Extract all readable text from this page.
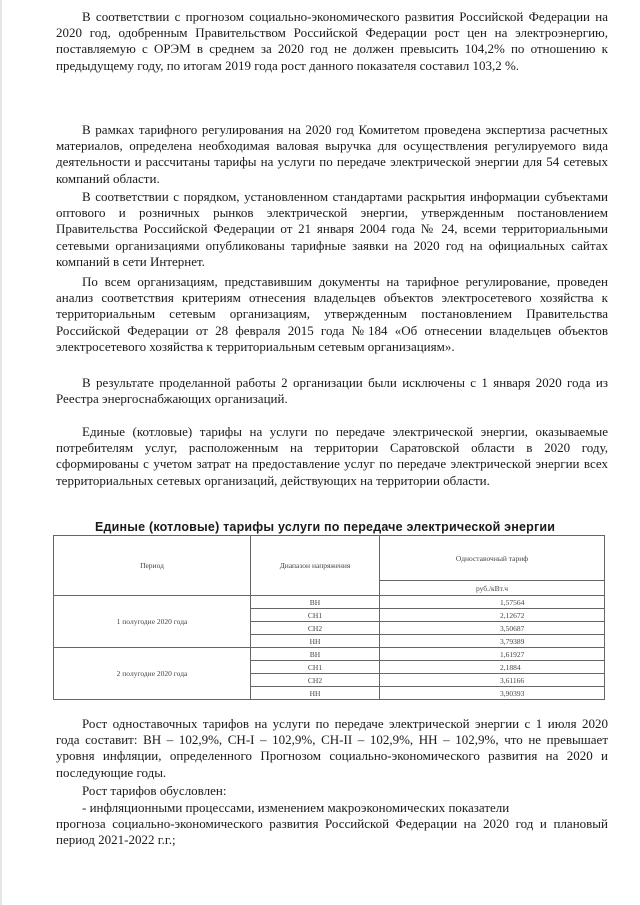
В соответствии с прогнозом социально-экономического развития Российской Федерации на 2020 год, одобренным Правительством Российской Федерации рост цен на электроэнергию, поставляемую с ОРЭМ в среднем за 2020 год не должен превысить 104,2% по отношению к предыдущему году, по итогам 2019 года рост данного показателя составил 103,2 %.

В рамках тарифного регулирования на 2020 год Комитетом проведена экспертиза расчетных материалов, определена необходимая валовая выручка для осуществления регулируемого вида деятельности и рассчитаны тарифы на услуги по передаче электрической энергии для 54 сетевых компаний области.

В соответствии с порядком, установленном стандартами раскрытия информации субъектами оптового и розничных рынков электрической энергии, утвержденным постановлением Правительства Российской Федерации от 21 января 2004 года № 24, всеми территориальными сетевыми организациями опубликованы тарифные заявки на 2020 год на официальных сайтах компаний в сети Интернет.

По всем организациям, представившим документы на тарифное регулирование, проведен анализ соответствия критериям отнесения владельцев объектов электросетевого хозяйства к территориальным сетевым организациям, утвержденным постановлением Правительства Российской Федерации от 28 февраля 2015 года №184 «Об отнесении владельцев объектов электросетевого хозяйства к территориальным сетевым организациям».

В результате проделанной работы 2 организации были исключены с 1 января 2020 года из Реестра энергоснабжающих организаций.

Единые (котловые) тарифы на услуги по передаче электрической энергии, оказываемые потребителям услуг, расположенным на территории Саратовской области в 2020 году, сформированы с учетом затрат на предоставление услуг по передаче электрической энергии всех территориальных сетевых организаций, действующих на территории области.

Единые (котловые) тарифы услуги по передаче электрической энергии
Период	Диапазон напряжения	Одноставочный тариф
		руб./кВт.ч
1 полугодие 2020 года	ВН	1,57564
	СН1	2,12672
	СН2	3,50687
	НН	3,79389
2 полугодие 2020 года	ВН	1,61927
	СН1	2,1884
	СН2	3,61166
	НН	3,90393

Рост одноставочных тарифов на услуги по передаче электрической энергии с 1 июля 2020 года составит: ВН – 102,9%, СН-I – 102,9%, СН-II – 102,9%, НН – 102,9%, что не превышает уровня инфляции, определенного Прогнозом социально-экономического развития на 2020 и последующие годы.

Рост тарифов обусловлен:

- инфляционными процессами, изменением макроэкономических показатели

прогноза социально-экономического развития Российской Федерации на 2020 год и плановый период 2021-2022 г.г.;
